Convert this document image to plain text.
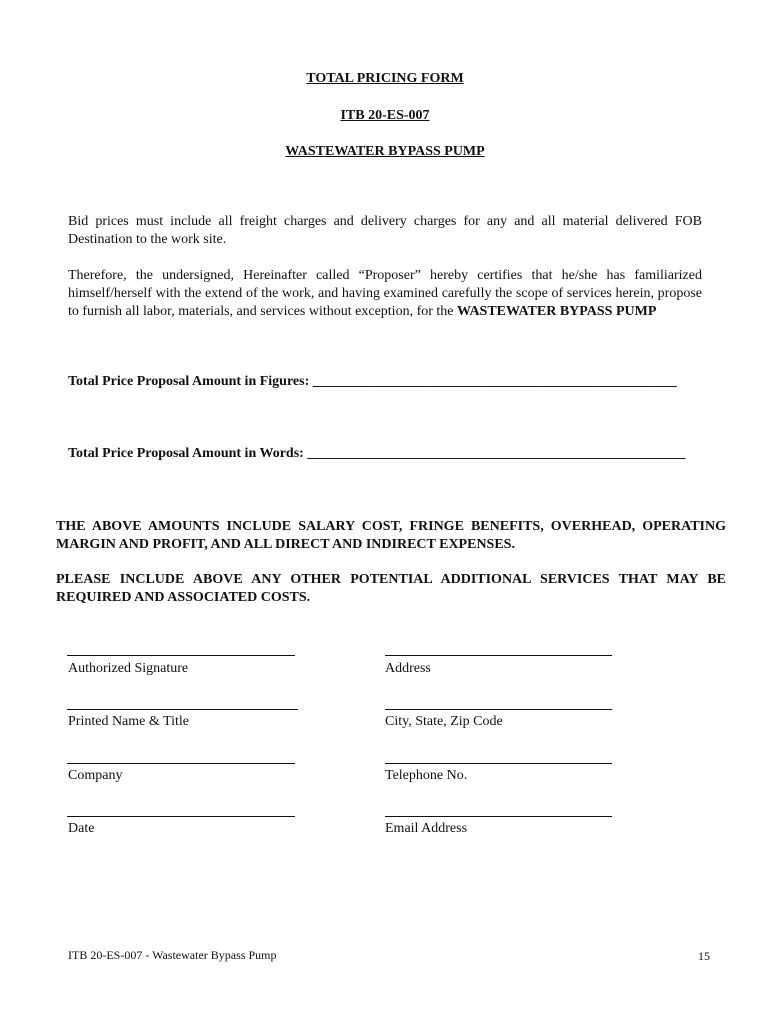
TOTAL PRICING FORM
ITB 20-ES-007
WASTEWATER BYPASS PUMP
Bid prices must include all freight charges and delivery charges for any and all material delivered FOB Destination to the work site.
Therefore, the undersigned, Hereinafter called “Proposer” hereby certifies that he/she has familiarized himself/herself with the extend of the work, and having examined carefully the scope of services herein, propose to furnish all labor, materials, and services without exception, for the WASTEWATER BYPASS PUMP
Total Price Proposal Amount in Figures: ____________________________________________________
Total Price Proposal Amount in Words: ______________________________________________________
THE ABOVE AMOUNTS INCLUDE SALARY COST, FRINGE BENEFITS, OVERHEAD, OPERATING MARGIN AND PROFIT, AND ALL DIRECT AND INDIRECT EXPENSES.
PLEASE INCLUDE ABOVE ANY OTHER POTENTIAL ADDITIONAL SERVICES THAT MAY BE REQUIRED AND ASSOCIATED COSTS.
Authorized Signature
Printed Name & Title
Company
Date
Address
City, State, Zip Code
Telephone No.
Email Address
ITB 20-ES-007 - Wastewater Bypass Pump	15
